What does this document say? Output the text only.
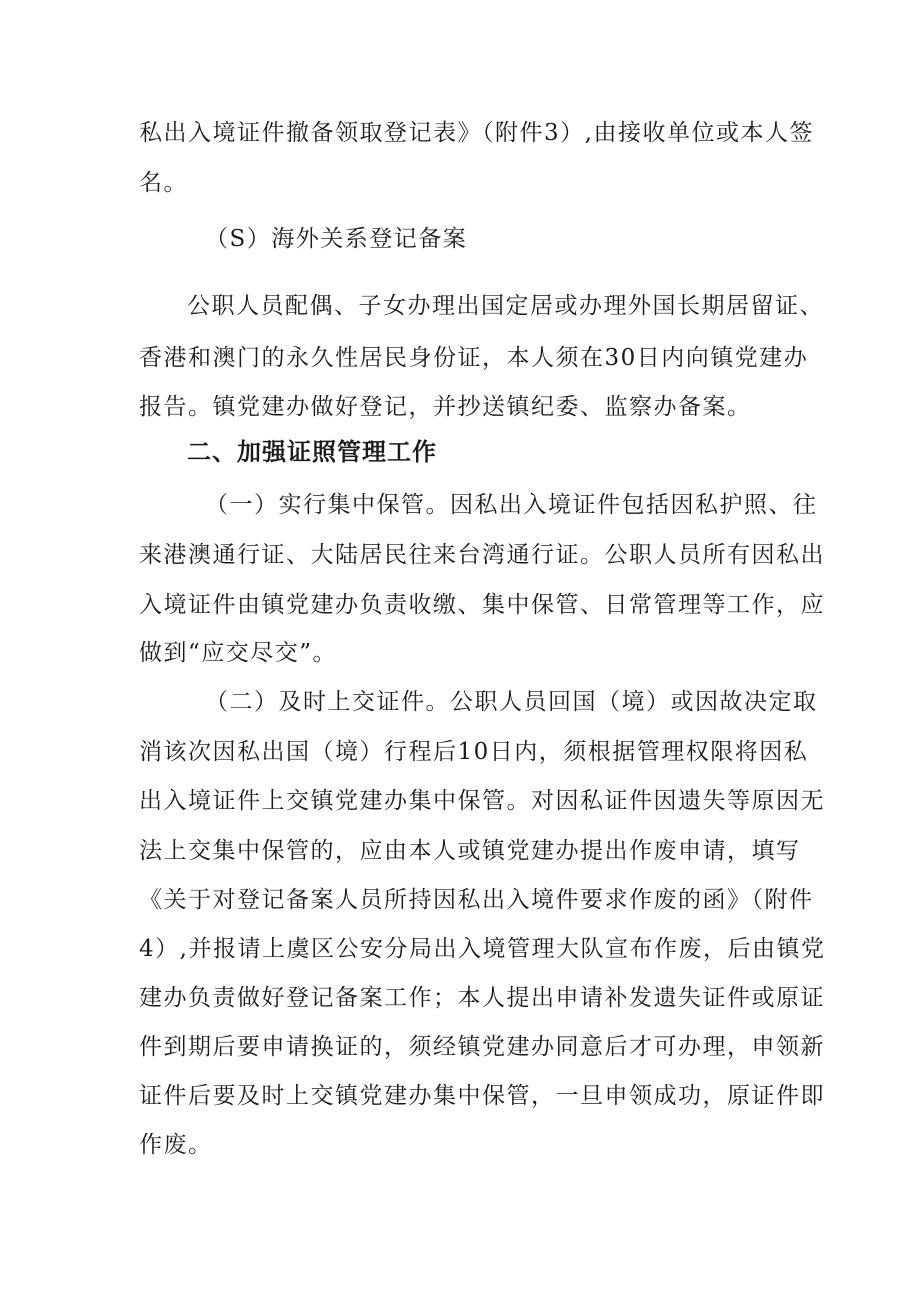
私出入境证件撤备领取登记表》（附件3）,由接收单位或本人签
名。
（S）海外关系登记备案
公职人员配偶、子女办理出国定居或办理外国长期居留证、
香港和澳门的永久性居民身份证，本人须在30日内向镇党建办
报告。镇党建办做好登记，并抄送镇纪委、监察办备案。
二、加强证照管理工作
（一）实行集中保管。因私出入境证件包括因私护照、往
来港澳通行证、大陆居民往来台湾通行证。公职人员所有因私出
入境证件由镇党建办负责收缴、集中保管、日常管理等工作，应
做到“应交尽交”。
（二）及时上交证件。公职人员回国（境）或因故决定取
消该次因私出国（境）行程后10日内，须根据管理权限将因私
出入境证件上交镇党建办集中保管。对因私证件因遗失等原因无
法上交集中保管的，应由本人或镇党建办提出作废申请，填写
《关于对登记备案人员所持因私出入境件要求作废的函》（附件
4）,并报请上虞区公安分局出入境管理大队宣布作废，后由镇党
建办负责做好登记备案工作；本人提出申请补发遗失证件或原证
件到期后要申请换证的，须经镇党建办同意后才可办理，申领新
证件后要及时上交镇党建办集中保管，一旦申领成功，原证件即
作废。
